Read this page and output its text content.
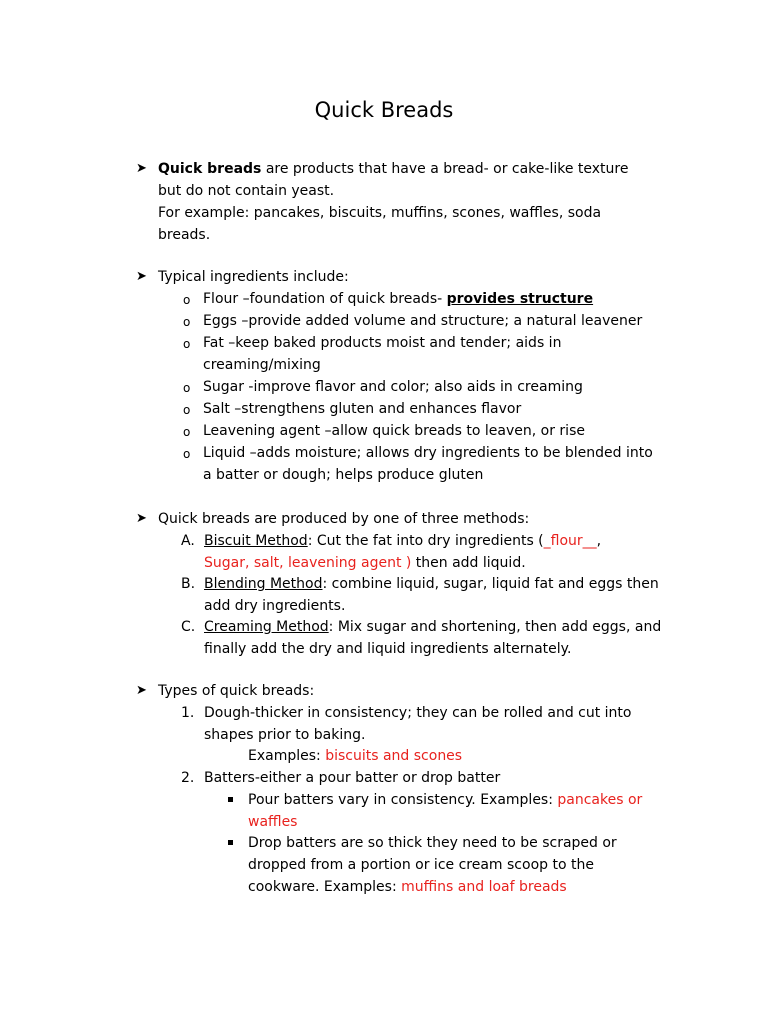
Quick Breads
➤ Quick breads are products that have a bread- or cake-like texture
but do not contain yeast.
For example: pancakes, biscuits, muffins, scones, waffles, soda
breads.
➤ Typical ingredients include:
o Flour –foundation of quick breads- provides structure
o Eggs –provide added volume and structure; a natural leavener
o Fat –keep baked products moist and tender; aids in
creaming/mixing
o Sugar -improve flavor and color; also aids in creaming
o Salt –strengthens gluten and enhances flavor
o Leavening agent –allow quick breads to leaven, or rise
o Liquid –adds moisture; allows dry ingredients to be blended into
a batter or dough; helps produce gluten
➤ Quick breads are produced by one of three methods:
A. Biscuit Method: Cut the fat into dry ingredients (_flour__,
Sugar, salt, leavening agent ) then add liquid.
B. Blending Method: combine liquid, sugar, liquid fat and eggs then
add dry ingredients.
C. Creaming Method: Mix sugar and shortening, then add eggs, and
finally add the dry and liquid ingredients alternately.
➤ Types of quick breads:
1. Dough-thicker in consistency; they can be rolled and cut into
shapes prior to baking.
Examples: biscuits and scones
2. Batters-either a pour batter or drop batter
Pour batters vary in consistency. Examples: pancakes or
waffles
Drop batters are so thick they need to be scraped or
dropped from a portion or ice cream scoop to the
cookware. Examples: muffins and loaf breads
